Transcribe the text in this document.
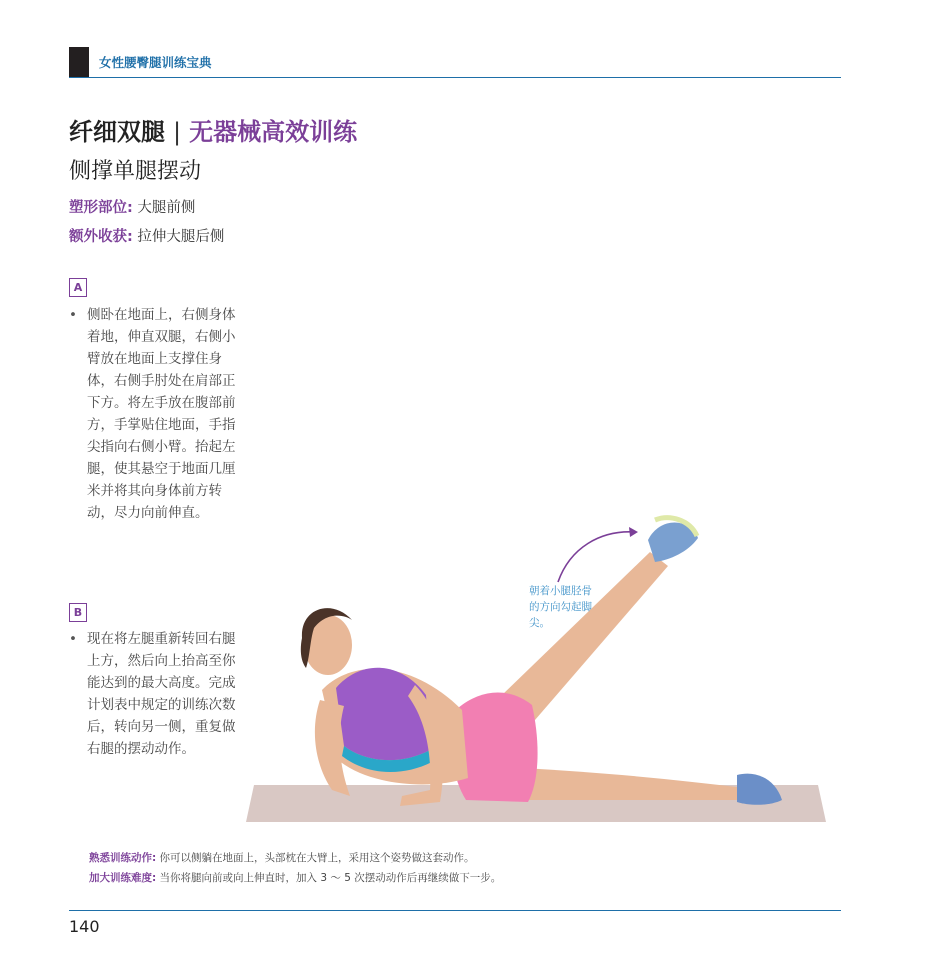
女性腰臀腿训练宝典
纤细双腿 | 无器械高效训练
侧撑单腿摆动
塑形部位: 大腿前侧
额外收获: 拉伸大腿后侧
A
• 侧卧在地面上，右侧身体着地，伸直双腿，右侧小臂放在地面上支撑住身体，右侧手肘处在肩部正下方。将左手放在腹部前方，手掌贴住地面，手指尖指向右侧小臂。抬起左腿，使其悬空于地面几厘米并将其向身体前方转动，尽力向前伸直。
B
• 现在将左腿重新转回右腿上方，然后向上抬高至你能达到的最大高度。完成计划表中规定的训练次数后，转向另一侧，重复做右腿的摆动动作。
朝着小腿胫骨的方向勾起脚尖。
熟悉训练动作: 你可以侧躺在地面上，头部枕在大臂上，采用这个姿势做这套动作。
加大训练难度: 当你将腿向前或向上伸直时，加入 3 ～ 5 次摆动动作后再继续做下一步。
140
